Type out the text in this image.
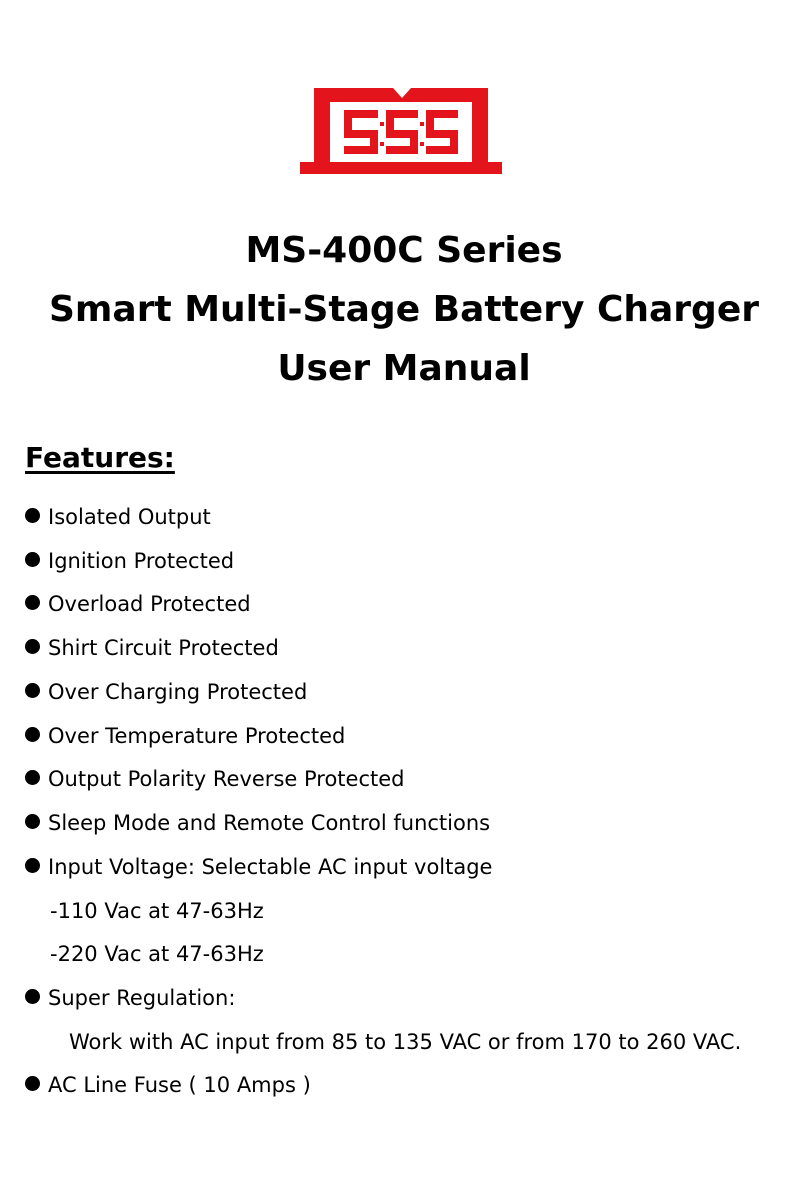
MS-400C Series
Smart Multi-Stage Battery Charger
User Manual
Features:
Isolated Output
Ignition Protected
Overload Protected
Shirt Circuit Protected
Over Charging Protected
Over Temperature Protected
Output Polarity Reverse Protected
Sleep Mode and Remote Control functions
Input Voltage: Selectable AC input voltage
-110 Vac at 47-63Hz
-220 Vac at 47-63Hz
Super Regulation:
Work with AC input from 85 to 135 VAC or from 170 to 260 VAC.
AC Line Fuse ( 10 Amps )
